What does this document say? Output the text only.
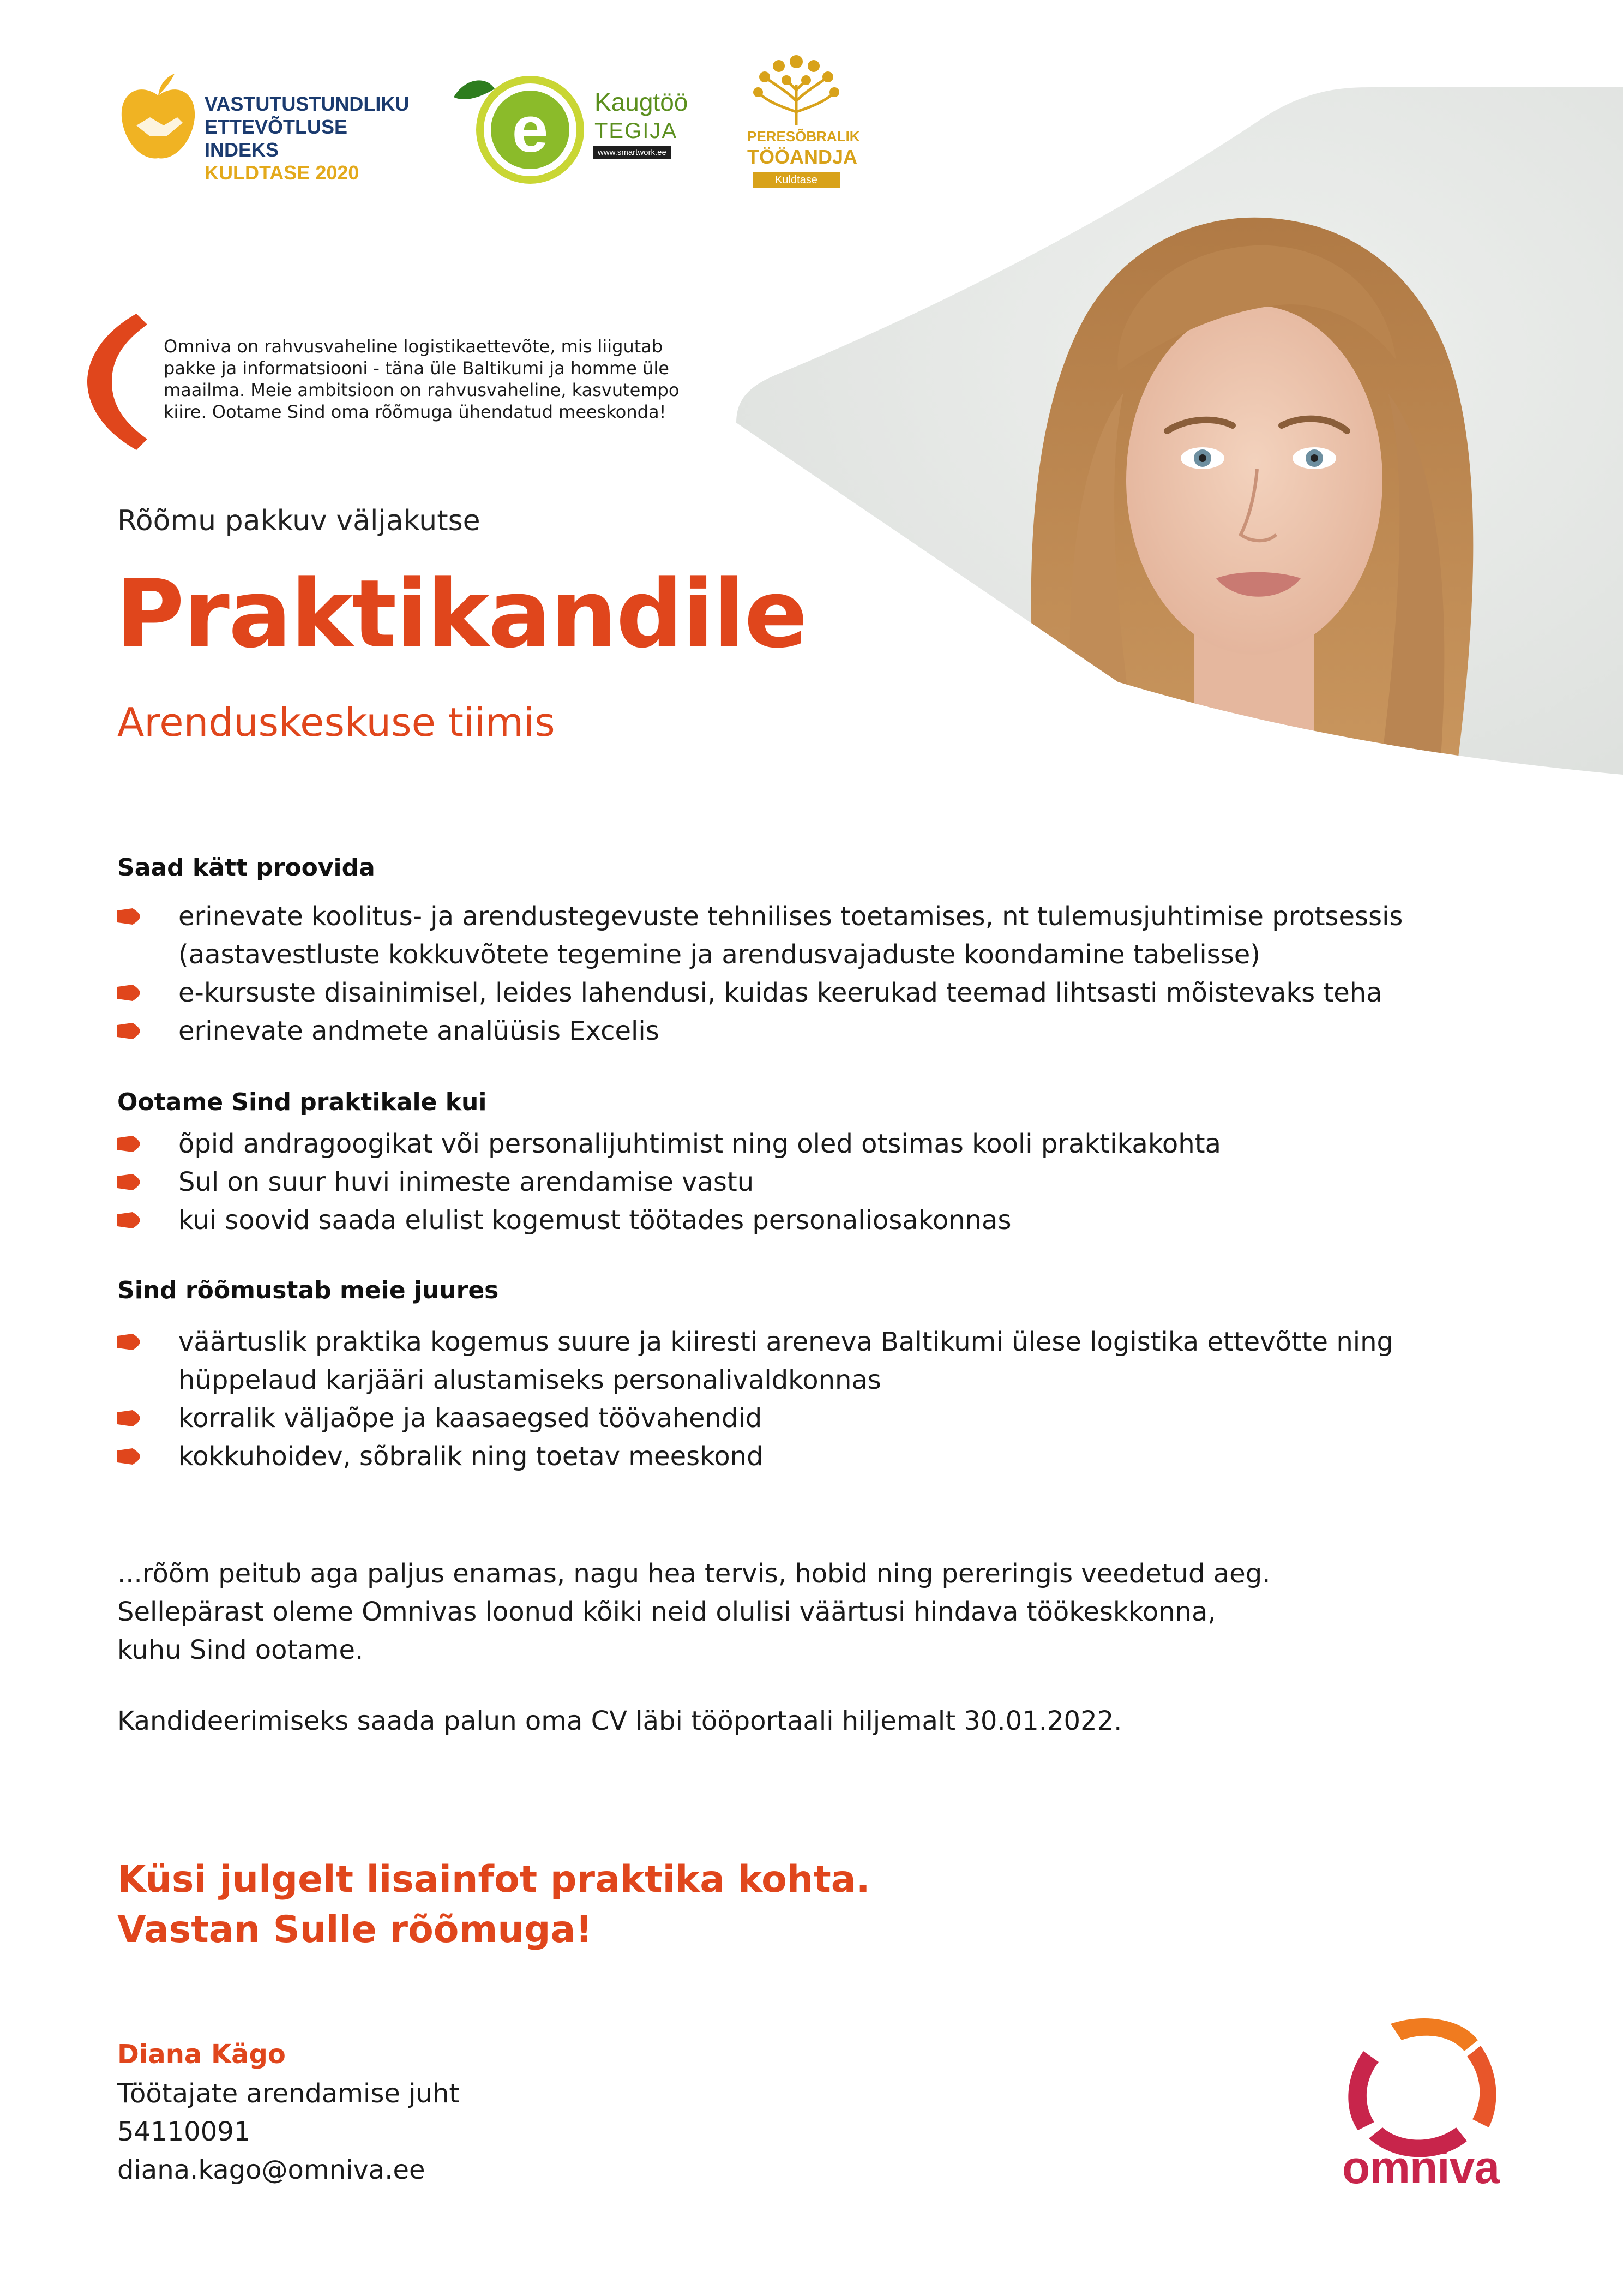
VASTUTUSTUNDLIKU
ETTEVÕTLUSE INDEKS
KULDTASE 2020
e Kaugtöö
TEGIJA
www.smartwork.ee
PERESÕBRALIK
TÖÖANDJA
Kuldtase
Omniva on rahvusvaheline logistikaettevõte, mis liigutab
pakke ja informatsiooni - täna üle Baltikumi ja homme üle
maailma. Meie ambitsioon on rahvusvaheline, kasvutempo
kiire. Ootame Sind oma rõõmuga ühendatud meeskonda!
Rõõmu pakkuv väljakutse
Praktikandile
Arenduskeskuse tiimis
Saad kätt proovida
erinevate koolitus- ja arendustegevuste tehnilises toetamises, nt tulemusjuhtimise protsessis (aastavestluste kokkuvõtete tegemine ja arendusvajaduste koondamine tabelisse)
e-kursuste disainimisel, leides lahendusi, kuidas keerukad teemad lihtsasti mõistevaks teha
erinevate andmete analüüsis Excelis
Ootame Sind praktikale kui
õpid andragoogikat või personalijuhtimist ning oled otsimas kooli praktikakohta
Sul on suur huvi inimeste arendamise vastu
kui soovid saada elulist kogemust töötades personaliosakonnas
Sind rõõmustab meie juures
väärtuslik praktika kogemus suure ja kiiresti areneva Baltikumi ülese logistika ettevõtte ning hüppelaud karjääri alustamiseks personalivaldkonnas
korralik väljaõpe ja kaasaegsed töövahendid
kokkuhoidev, sõbralik ning toetav meeskond
...rõõm peitub aga paljus enamas, nagu hea tervis, hobid ning pereringis veedetud aeg.
Sellepärast oleme Omnivas loonud kõiki neid olulisi väärtusi hindava töökeskkonna,
kuhu Sind ootame.
Kandideerimiseks saada palun oma CV läbi tööportaali hiljemalt 30.01.2022.
Küsi julgelt lisainfot praktika kohta.
Vastan Sulle rõõmuga!
Diana Kägo
Töötajate arendamise juht
54110091
diana.kago@omniva.ee	omniva
